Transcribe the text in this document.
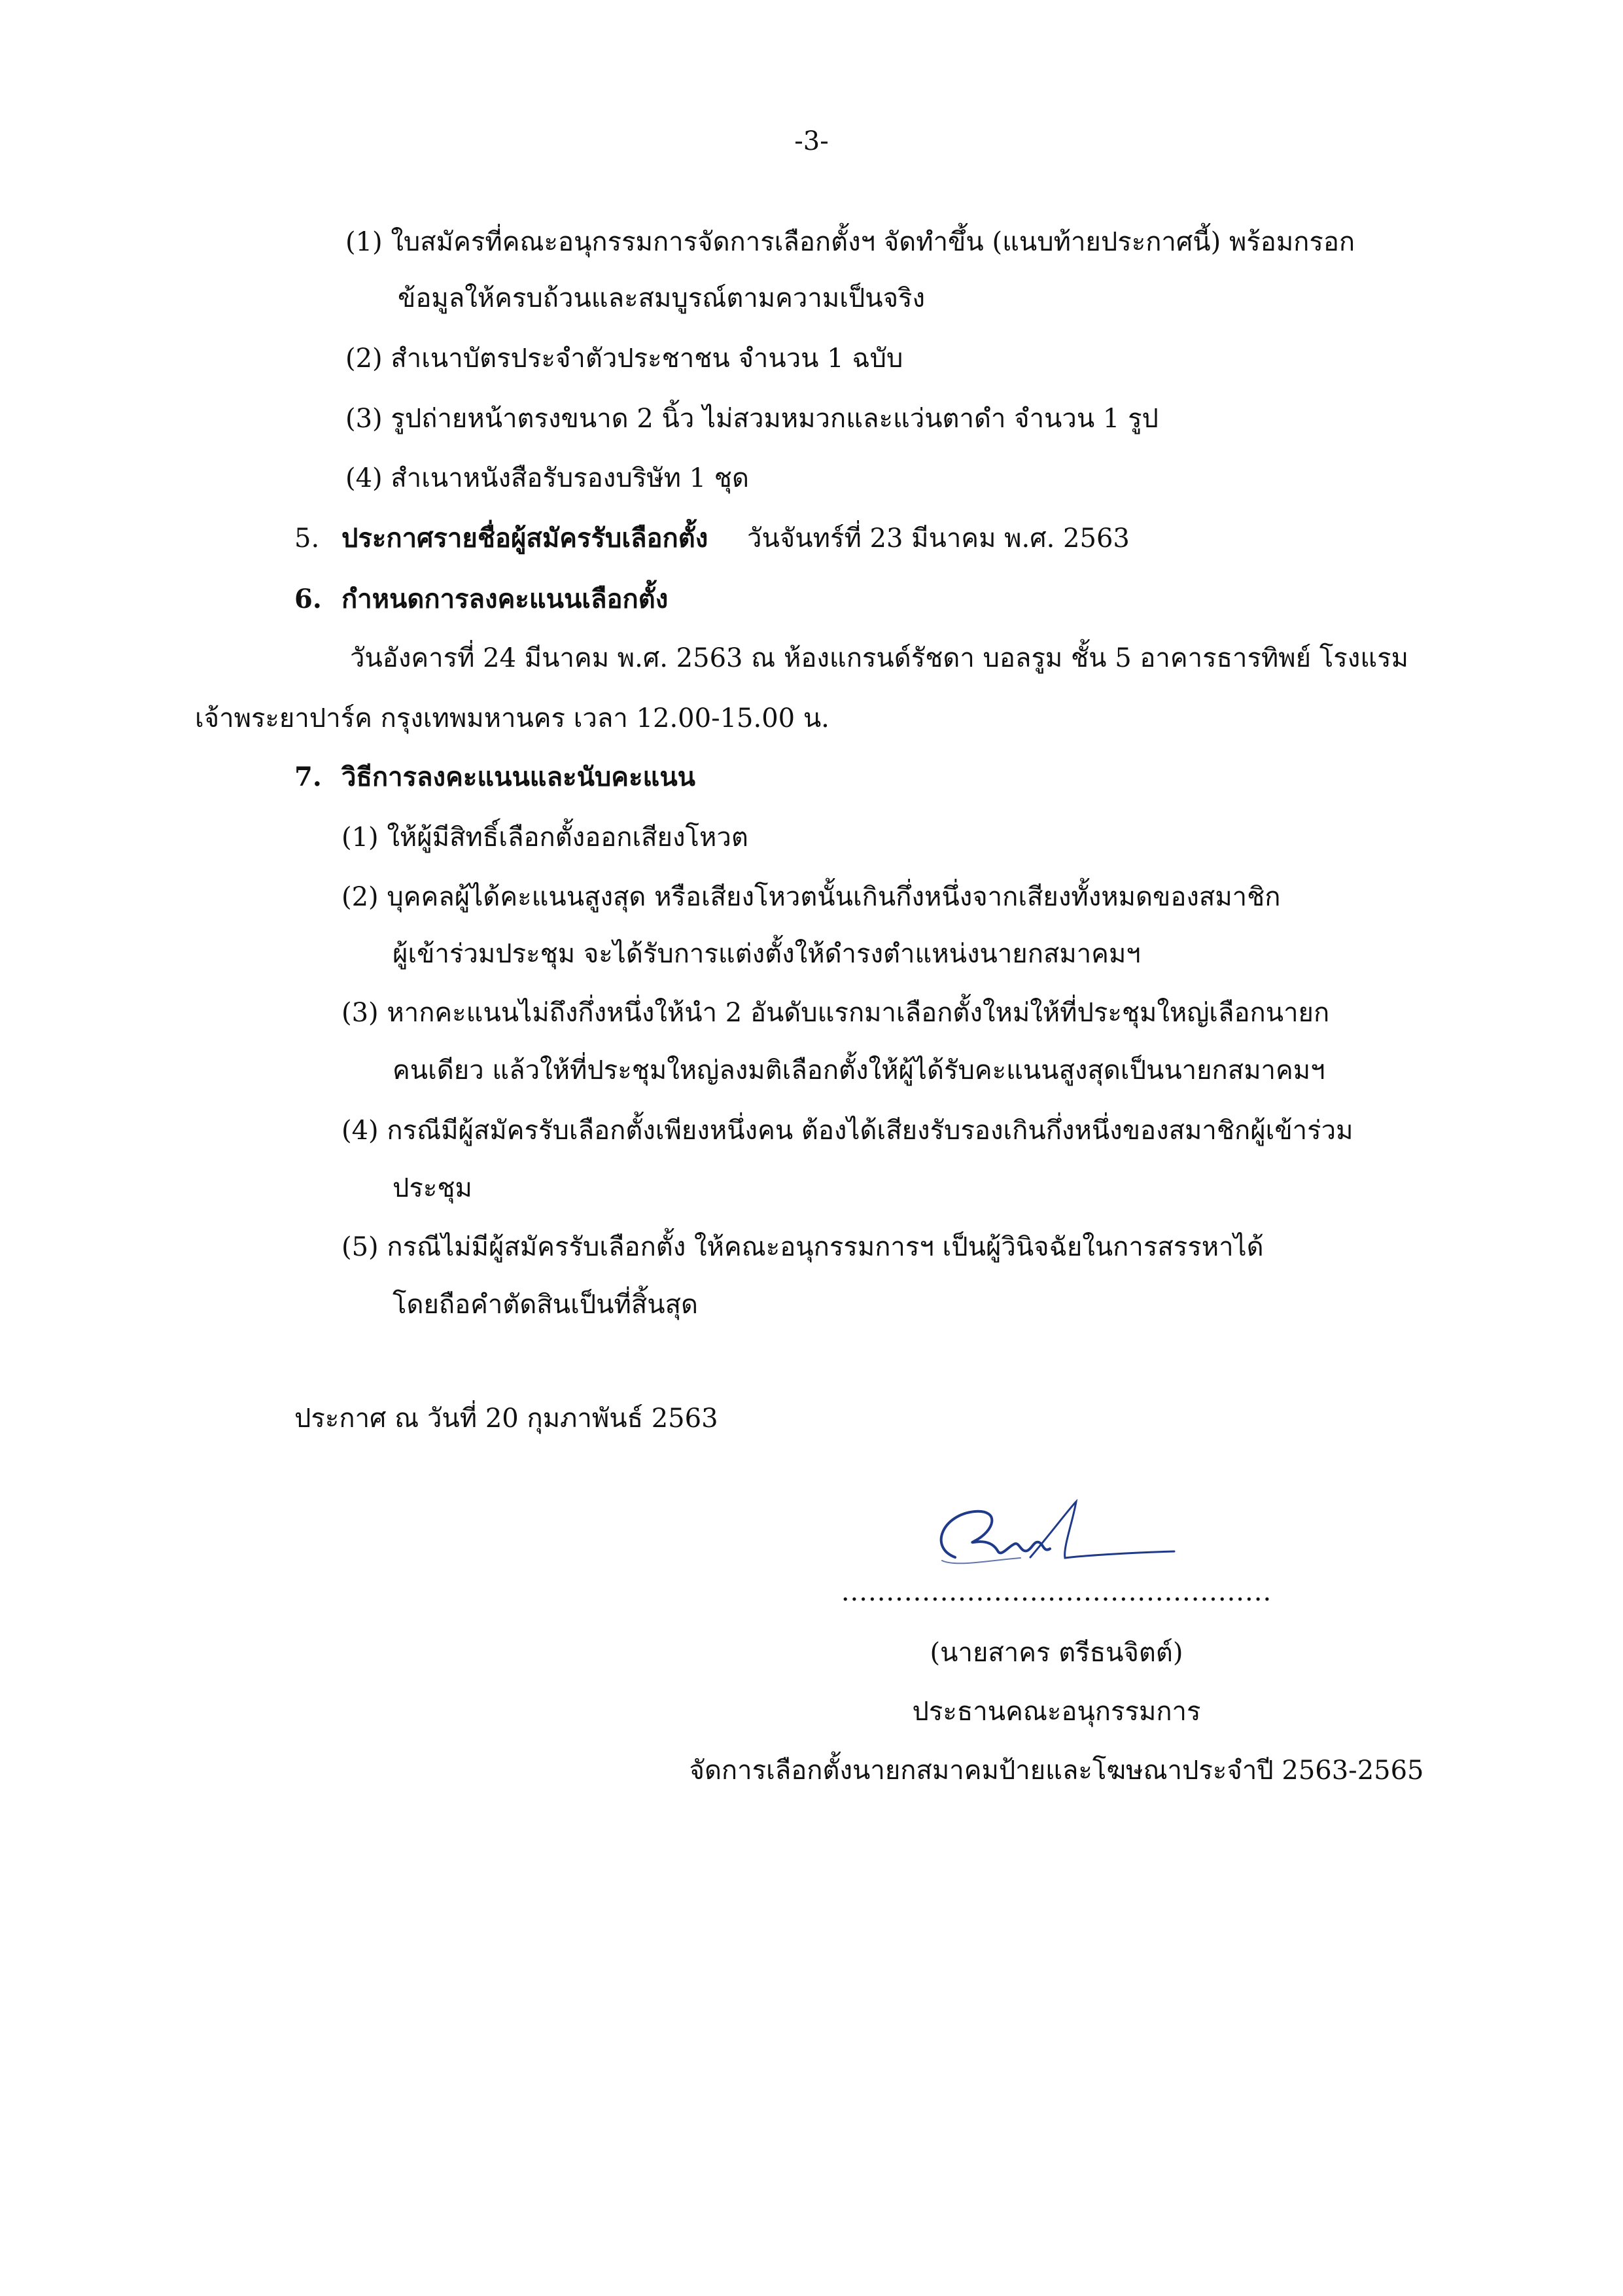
-3-
(1) ใบสมัครที่คณะอนุกรรมการจัดการเลือกตั้งฯ จัดทำขึ้น (แนบท้ายประกาศนี้) พร้อมกรอก
ข้อมูลให้ครบถ้วนและสมบูรณ์ตามความเป็นจริง
(2) สำเนาบัตรประจำตัวประชาชน จำนวน 1 ฉบับ
(3) รูปถ่ายหน้าตรงขนาด 2 นิ้ว ไม่สวมหมวกและแว่นตาดำ จำนวน 1 รูป
(4) สำเนาหนังสือรับรองบริษัท 1 ชุด
5. ประกาศรายชื่อผู้สมัครรับเลือกตั้ง วันจันทร์ที่ 23 มีนาคม พ.ศ. 2563
6. กำหนดการลงคะแนนเลือกตั้ง
วันอังคารที่ 24 มีนาคม พ.ศ. 2563 ณ ห้องแกรนด์รัชดา บอลรูม ชั้น 5 อาคารธารทิพย์ โรงแรม
เจ้าพระยาปาร์ค กรุงเทพมหานคร เวลา 12.00-15.00 น.
7. วิธีการลงคะแนนและนับคะแนน
(1) ให้ผู้มีสิทธิ์เลือกตั้งออกเสียงโหวต
(2) บุคคลผู้ได้คะแนนสูงสุด หรือเสียงโหวตนั้นเกินกึ่งหนึ่งจากเสียงทั้งหมดของสมาชิก
ผู้เข้าร่วมประชุม จะได้รับการแต่งตั้งให้ดำรงตำแหน่งนายกสมาคมฯ
(3) หากคะแนนไม่ถึงกึ่งหนึ่งให้นำ 2 อันดับแรกมาเลือกตั้งใหม่ให้ที่ประชุมใหญ่เลือกนายก
คนเดียว แล้วให้ที่ประชุมใหญ่ลงมติเลือกตั้งให้ผู้ได้รับคะแนนสูงสุดเป็นนายกสมาคมฯ
(4) กรณีมีผู้สมัครรับเลือกตั้งเพียงหนึ่งคน ต้องได้เสียงรับรองเกินกึ่งหนึ่งของสมาชิกผู้เข้าร่วม
ประชุม
(5) กรณีไม่มีผู้สมัครรับเลือกตั้ง ให้คณะอนุกรรมการฯ เป็นผู้วินิจฉัยในการสรรหาได้
โดยถือคำตัดสินเป็นที่สิ้นสุด
ประกาศ ณ วันที่ 20 กุมภาพันธ์ 2563
................................................
(นายสาคร ตรีธนจิตต์)
ประธานคณะอนุกรรมการ
จัดการเลือกตั้งนายกสมาคมป้ายและโฆษณาประจำปี 2563-2565
